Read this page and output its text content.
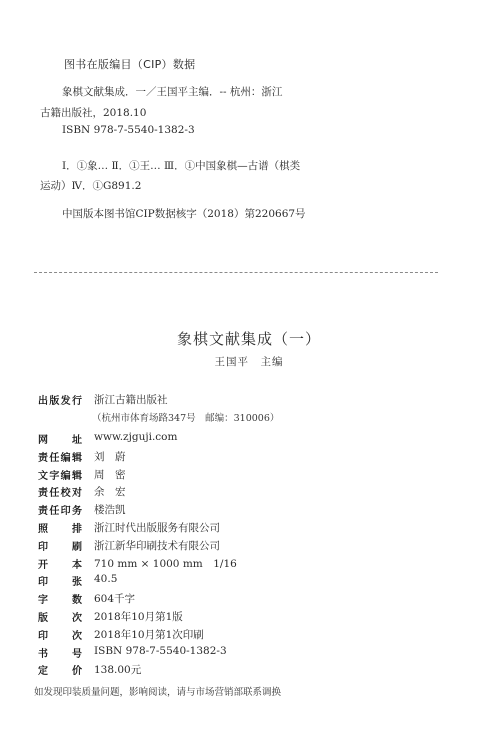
图书在版编目（CIP）数据
象棋文献集成．一／王国平主编．-- 杭州：浙江
古籍出版社，2018.10
ISBN 978-7-5540-1382-3
Ⅰ．①象… Ⅱ．①王… Ⅲ．①中国象棋—古谱（棋类
运动）Ⅳ．①G891.2
中国版本图书馆CIP数据核字（2018）第220667号
象棋文献集成（一）
王国平　主编
出版发行 浙江古籍出版社
（杭州市体育场路347号　邮编：310006）
网址 www.zjguji.com
责任编辑 刘　蔚
文字编辑 周　密
责任校对 余　宏
责任印务 楼浩凯
照排 浙江时代出版服务有限公司
印刷 浙江新华印刷技术有限公司
开本 710 mm × 1000 mm　1/16
印张 40.5
字数 604千字
版次 2018年10月第1版
印次 2018年10月第1次印刷
书号 ISBN 978-7-5540-1382-3
定价 138.00元
如发现印装质量问题，影响阅读，请与市场营销部联系调换
